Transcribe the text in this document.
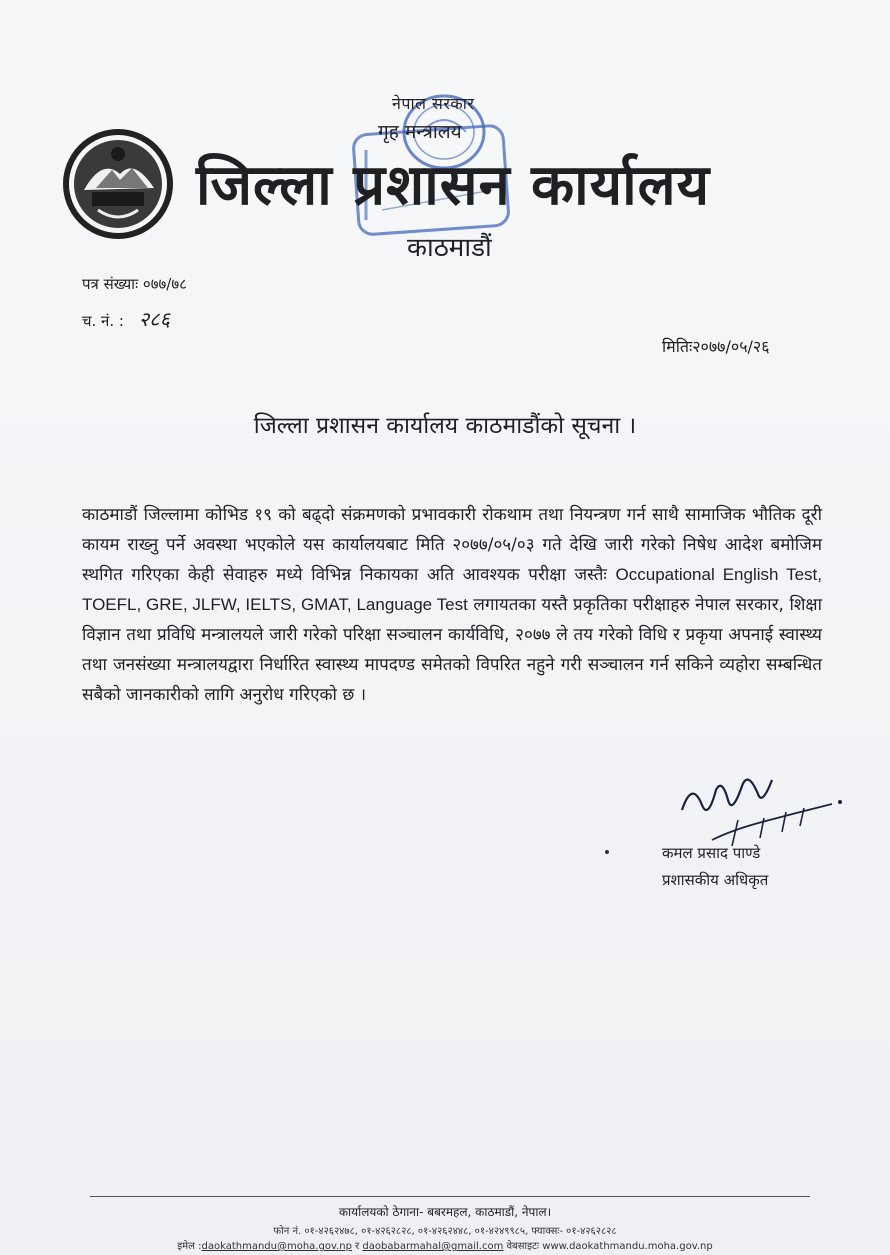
नेपाल सरकार
गृह मन्त्रालय
जिल्ला प्रशासन कार्यालय
काठमाडौं
पत्र संख्याः ०७७/७८
च. नं. : २८६
मितिः२०७७/०५/२६
जिल्ला प्रशासन कार्यालय काठमाडौंको सूचना ।
काठमाडौं जिल्लामा कोभिड १९ को बढ्दो संक्रमणको प्रभावकारी रोकथाम तथा नियन्त्रण गर्न साथै सामाजिक भौतिक दूरी कायम राख्नु पर्ने अवस्था भएकोले यस कार्यालयबाट मिति २०७७/०५/०३ गते देखि जारी गरेको निषेध आदेश बमोजिम स्थगित गरिएका केही सेवाहरु मध्ये विभिन्न निकायका अति आवश्यक परीक्षा जस्तैः Occupational English Test, TOEFL, GRE, JLFW, IELTS, GMAT, Language Test लगायतका यस्तै प्रकृतिका परीक्षाहरु नेपाल सरकार, शिक्षा विज्ञान तथा प्रविधि मन्त्रालयले जारी गरेको परिक्षा सञ्चालन कार्यविधि, २०७७ ले तय गरेको विधि र प्रकृया अपनाई स्वास्थ्य तथा जनसंख्या मन्त्रालयद्वारा निर्धारित स्वास्थ्य मापदण्ड समेतको विपरित नहुने गरी सञ्चालन गर्न सकिने व्यहोरा सम्बन्धित सबैको जानकारीको लागि अनुरोध गरिएको छ ।
कमल प्रसाद पाण्डे
प्रशासकीय अधिकृत
कार्यालयको ठेगाना- बबरमहल, काठमाडौं, नेपाल।
फोन नं. ०१-४२६२४७८, ०१-४२६२८२८, ०१-४२६२४४८, ०१-४२४९९८५, फ्याक्सः- ०१-४२६२८२८
इमेल :daokathmandu@moha.gov.np र daobabarmahal@gmail.com वेबसाइटः www.daokathmandu.moha.gov.np
